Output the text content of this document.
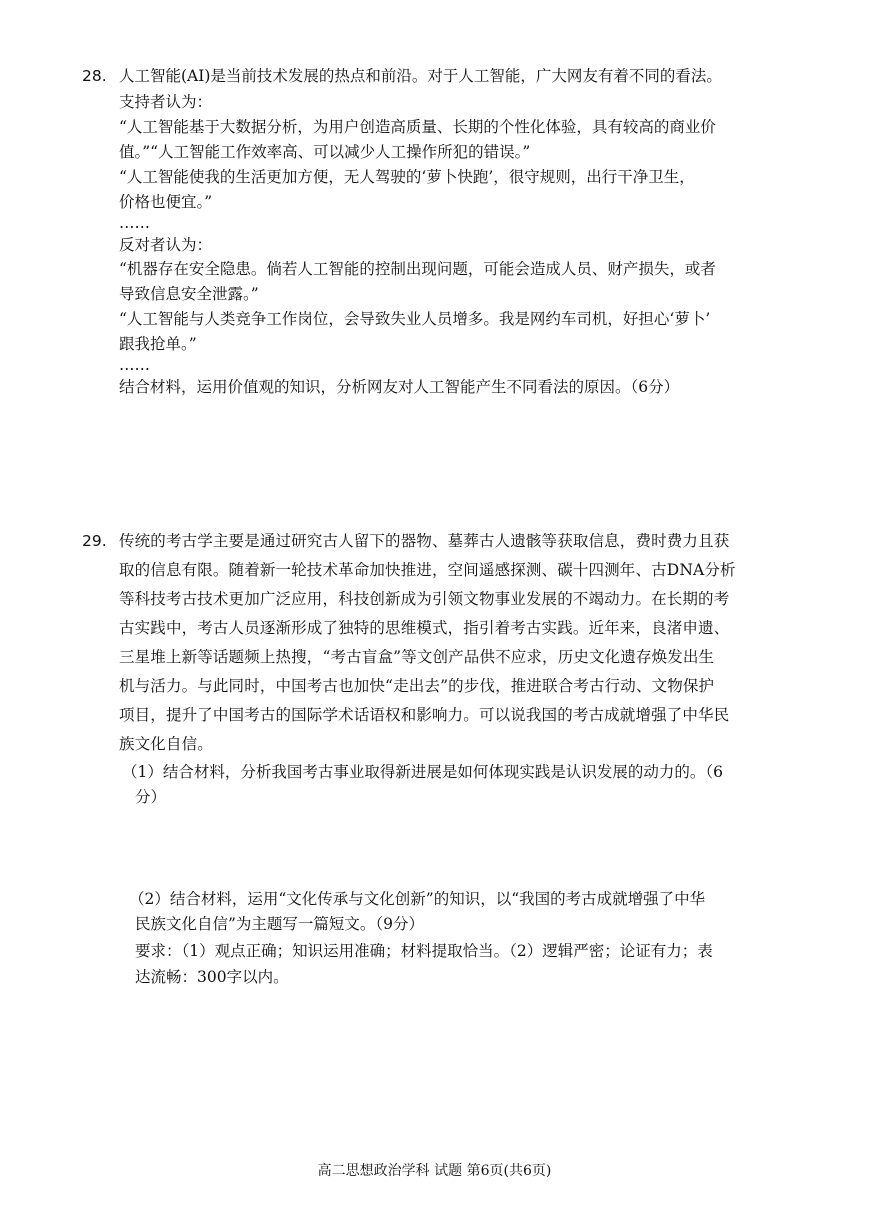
28. 人工智能(AI)是当前技术发展的热点和前沿。对于人工智能，广大网友有着不同的看法。
支持者认为：
“人工智能基于大数据分析，为用户创造高质量、长期的个性化体验，具有较高的商业价
值。”“人工智能工作效率高、可以减少人工操作所犯的错误。”
“人工智能使我的生活更加方便，无人驾驶的‘萝卜快跑’，很守规则，出行干净卫生，
价格也便宜。”
……
反对者认为：
“机器存在安全隐患。倘若人工智能的控制出现问题，可能会造成人员、财产损失，或者
导致信息安全泄露。”
“人工智能与人类竞争工作岗位，会导致失业人员增多。我是网约车司机，好担心‘萝卜’
跟我抢单。”
……
结合材料，运用价值观的知识，分析网友对人工智能产生不同看法的原因。（6分）
29. 传统的考古学主要是通过研究古人留下的器物、墓葬古人遗骸等获取信息，费时费力且获
取的信息有限。随着新一轮技术革命加快推进，空间遥感探测、碳十四测年、古DNA分析
等科技考古技术更加广泛应用，科技创新成为引领文物事业发展的不竭动力。在长期的考
古实践中，考古人员逐渐形成了独特的思维模式，指引着考古实践。近年来，良渚申遗、
三星堆上新等话题频上热搜，“考古盲盒”等文创产品供不应求，历史文化遗存焕发出生
机与活力。与此同时，中国考古也加快“走出去”的步伐，推进联合考古行动、文物保护
项目，提升了中国考古的国际学术话语权和影响力。可以说我国的考古成就增强了中华民
族文化自信。
（1）结合材料，分析我国考古事业取得新进展是如何体现实践是认识发展的动力的。（6
分）
（2）结合材料，运用“文化传承与文化创新”的知识，以“我国的考古成就增强了中华
民族文化自信”为主题写一篇短文。（9分）
要求：（1）观点正确；知识运用准确；材料提取恰当。（2）逻辑严密；论证有力；表
达流畅：300字以内。
高二思想政治学科 试题 第6页(共6页)
